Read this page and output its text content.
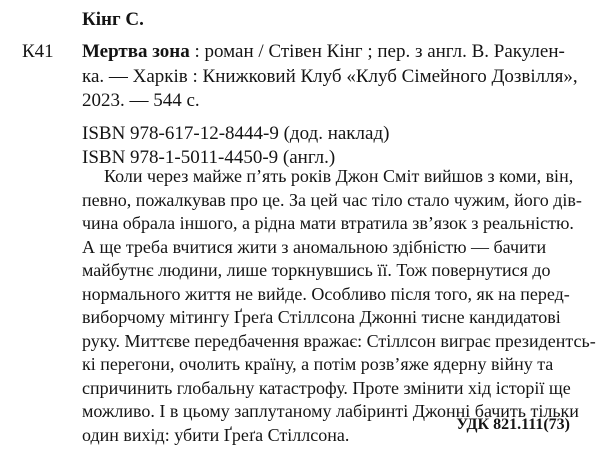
Кінг С.
К41 Мертва зона : роман / Стівен Кінг ; пер. з англ. В. Ракулен-
ка. — Харків : Книжковий Клуб «Клуб Сімейного Дозвілля»,
2023. — 544 с.
ISBN 978-617-12-8444-9 (дод. наклад)
ISBN 978-1-5011-4450-9 (англ.)
Коли через майже п’ять років Джон Сміт вийшов з коми, він,
певно, пожалкував про це. За цей час тіло стало чужим, його дів-
чина обрала іншого, а рідна мати втратила зв’язок з реальністю.
А ще треба вчитися жити з аномальною здібністю — бачити
майбутнє людини, лише торкнувшись її. Тож повернутися до
нормального життя не вийде. Особливо після того, як на перед-
виборчому мітингу Ґреґа Стіллсона Джонні тисне кандидатові
руку. Миттєве передбачення вражає: Стіллсон виграє президентсь-
кі перегони, очолить країну, а потім розв’яже ядерну війну та
спричинить глобальну катастрофу. Проте змінити хід історії ще
можливо. І в цьому заплутаному лабіринті Джонні бачить тільки
один вихід: убити Ґреґа Стіллсона.	УДК 821.111(73)
